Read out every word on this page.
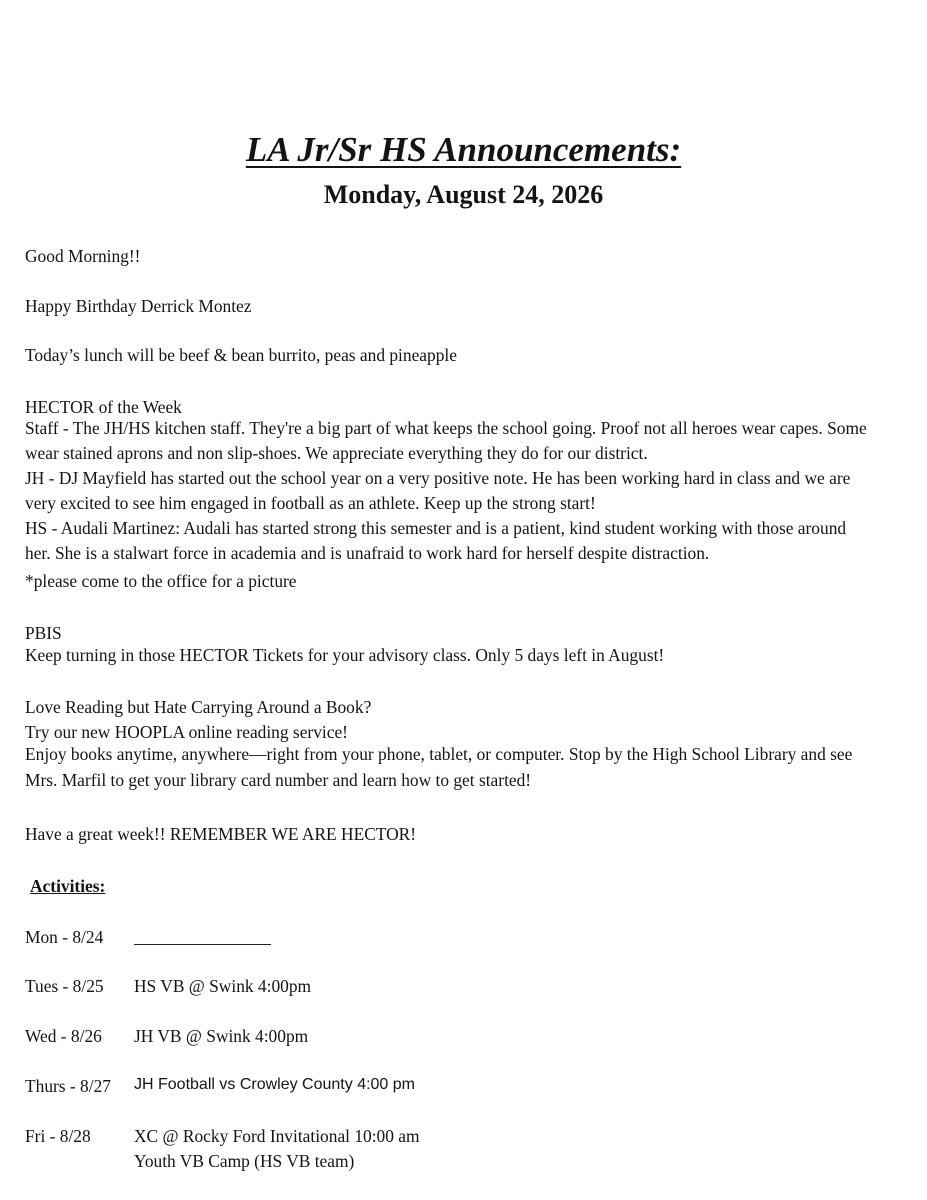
LA Jr/Sr HS Announcements:
Monday, August 24, 2026
Good Morning!!
Happy Birthday Derrick Montez
Today’s lunch will be beef & bean burrito, peas and pineapple
HECTOR of the Week
Staff - The JH/HS kitchen staff. They're a big part of what keeps the school going. Proof not all heroes wear capes. Some
wear stained aprons and non slip-shoes. We appreciate everything they do for our district.
JH - DJ Mayfield has started out the school year on a very positive note. He has been working hard in class and we are
very excited to see him engaged in football as an athlete. Keep up the strong start!
HS - Audali Martinez: Audali has started strong this semester and is a patient, kind student working with those around
her. She is a stalwart force in academia and is unafraid to work hard for herself despite distraction.
*please come to the office for a picture
PBIS
Keep turning in those HECTOR Tickets for your advisory class. Only 5 days left in August!
Love Reading but Hate Carrying Around a Book?
Try our new HOOPLA online reading service!
Enjoy books anytime, anywhere—right from your phone, tablet, or computer. Stop by the High School Library and see
Mrs. Marfil to get your library card number and learn how to get started!
Have a great week!! REMEMBER WE ARE HECTOR!
Activities:
Mon - 8/24
Tues - 8/25 HS VB @ Swink 4:00pm
Wed - 8/26 JH VB @ Swink 4:00pm
Thurs - 8/27 JH Football vs Crowley County 4:00 pm
Fri - 8/28 XC @ Rocky Ford Invitational 10:00 am
Youth VB Camp (HS VB team)
